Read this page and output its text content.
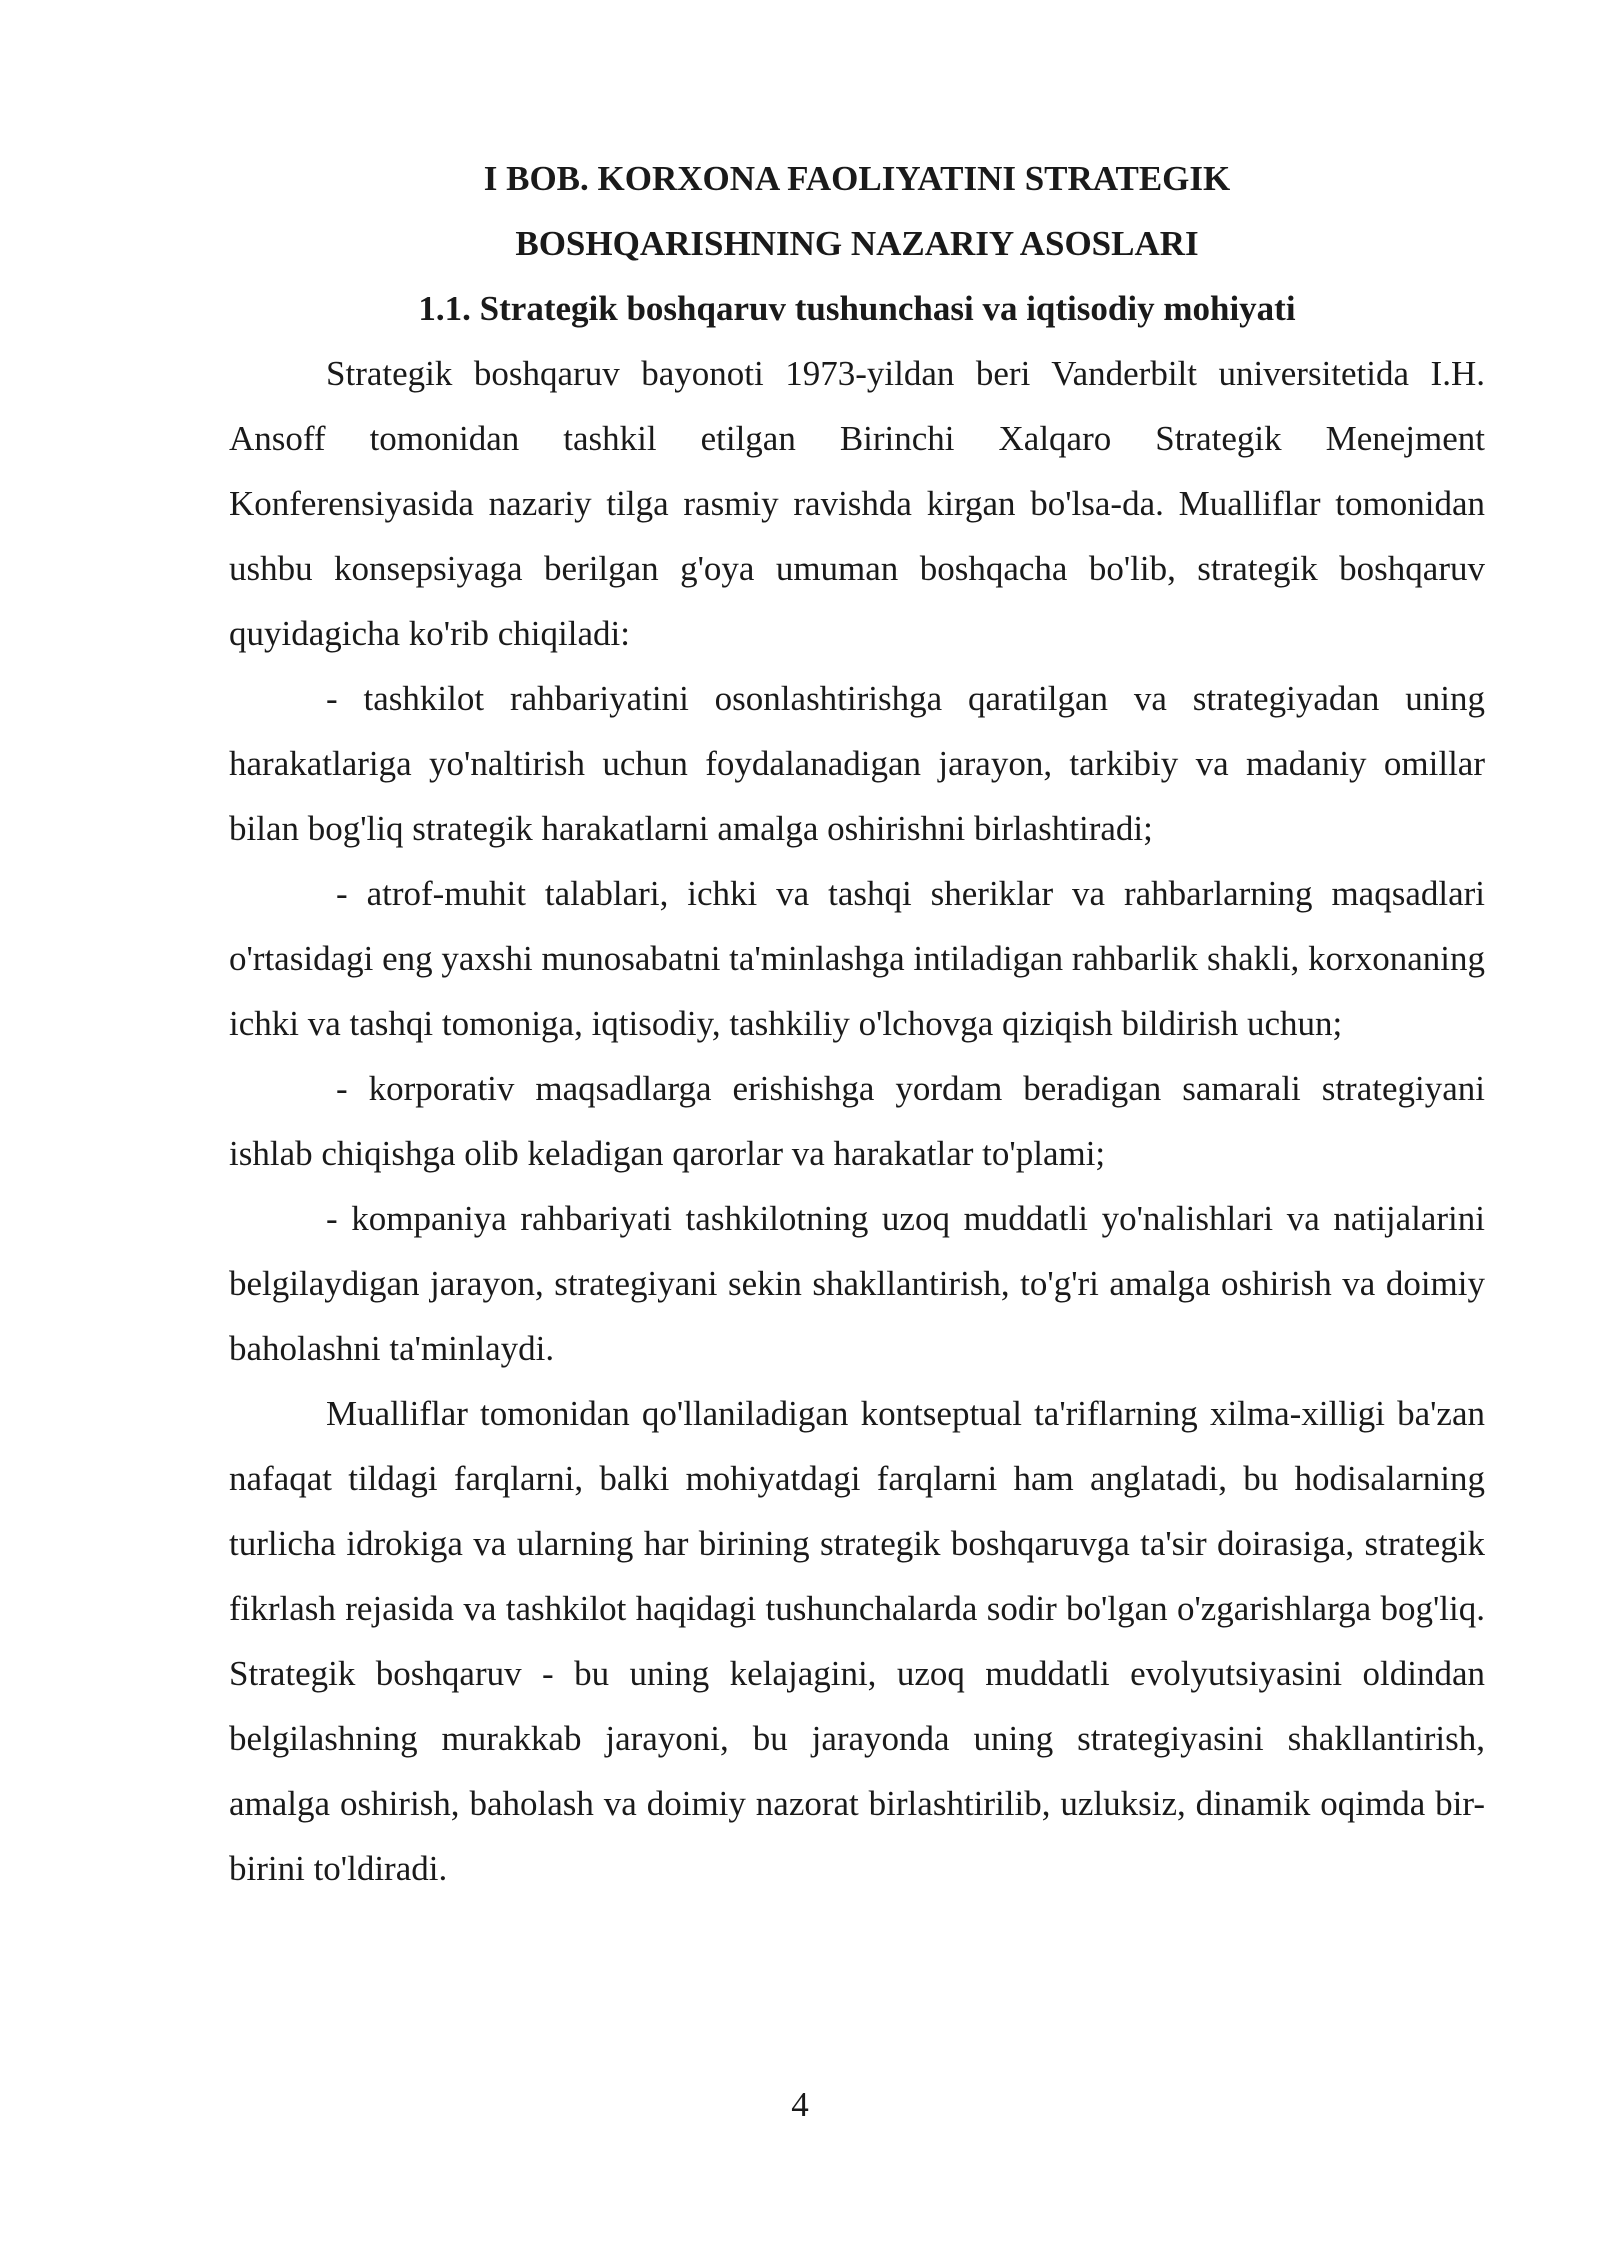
I BOB. KORXONA FAOLIYATINI STRATEGIK
BOSHQARISHNING NAZARIY ASOSLARI
1.1. Strategik boshqaruv tushunchasi va iqtisodiy mohiyati

Strategik boshqaruv bayonoti 1973-yildan beri Vanderbilt universitetida I.H. Ansoff tomonidan tashkil etilgan Birinchi Xalqaro Strategik Menejment Konferensiyasida nazariy tilga rasmiy ravishda kirgan bo'lsa-da. Mualliflar tomonidan ushbu konsepsiyaga berilgan g'oya umuman boshqacha bo'lib, strategik boshqaruv quyidagicha ko'rib chiqiladi:

- tashkilot rahbariyatini osonlashtirishga qaratilgan va strategiyadan uning harakatlariga yo'naltirish uchun foydalanadigan jarayon, tarkibiy va madaniy omillar bilan bog'liq strategik harakatlarni amalga oshirishni birlashtiradi;

- atrof-muhit talablari, ichki va tashqi sheriklar va rahbarlarning maqsadlari o'rtasidagi eng yaxshi munosabatni ta'minlashga intiladigan rahbarlik shakli, korxonaning ichki va tashqi tomoniga, iqtisodiy, tashkiliy o'lchovga qiziqish bildirish uchun;

- korporativ maqsadlarga erishishga yordam beradigan samarali strategiyani ishlab chiqishga olib keladigan qarorlar va harakatlar to'plami;

- kompaniya rahbariyati tashkilotning uzoq muddatli yo'nalishlari va natijalarini belgilaydigan jarayon, strategiyani sekin shakllantirish, to'g'ri amalga oshirish va doimiy baholashni ta'minlaydi.

Mualliflar tomonidan qo'llaniladigan kontseptual ta'riflarning xilma-xilligi ba'zan nafaqat tildagi farqlarni, balki mohiyatdagi farqlarni ham anglatadi, bu hodisalarning turlicha idrokiga va ularning har birining strategik boshqaruvga ta'sir doirasiga, strategik fikrlash rejasida va tashkilot haqidagi tushunchalarda sodir bo'lgan o'zgarishlarga bog'liq. Strategik boshqaruv - bu uning kelajagini, uzoq muddatli evolyutsiyasini oldindan belgilashning murakkab jarayoni, bu jarayonda uning strategiyasini shakllantirish, amalga oshirish, baholash va doimiy nazorat birlashtirilib, uzluksiz, dinamik oqimda bir-birini to'ldiradi.

4
